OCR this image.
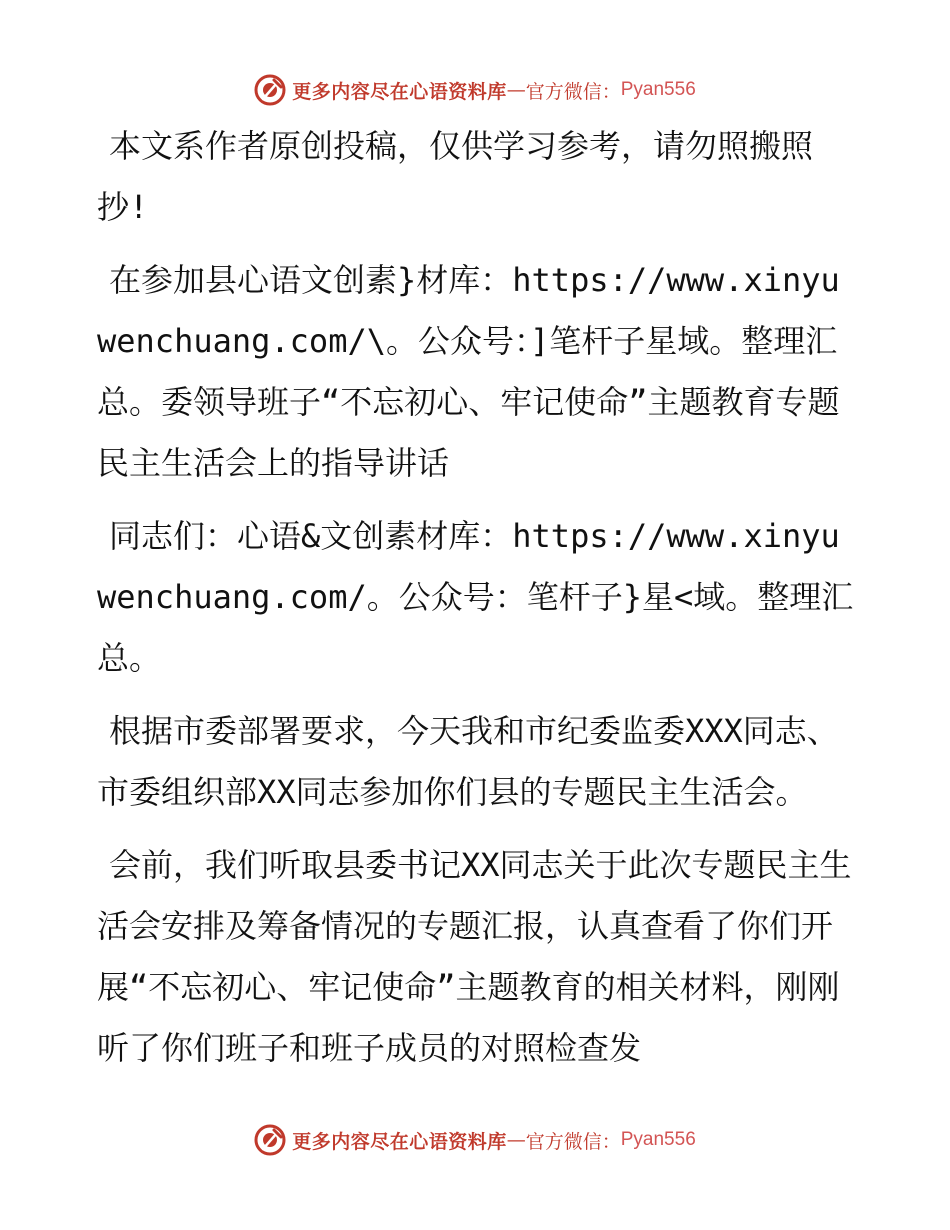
更多内容尽在心语资料库 — 官方微信： Pyan556

本文系作者原创投稿，仅供学习参考，请勿照搬照抄!

在参加县心语文创素}材库：https://www.xinyuwenchuang.com/\。公众号：]笔杆子星域。整理汇总。委领导班子“不忘初心、牢记使命”主题教育专题民主生活会上的指导讲话

同志们：心语&文创素材库：https://www.xinyuwenchuang.com/。公众号：笔杆子}星<域。整理汇总。

根据市委部署要求，今天我和市纪委监委XXX同志、市委组织部XX同志参加你们县的专题民主生活会。

会前，我们听取县委书记XX同志关于此次专题民主生活会安排及筹备情况的专题汇报，认真查看了你们开展“不忘初心、牢记使命”主题教育的相关材料，刚刚听了你们班子和班子成员的对照检查发

更多内容尽在心语资料库 — 官方微信： Pyan556
